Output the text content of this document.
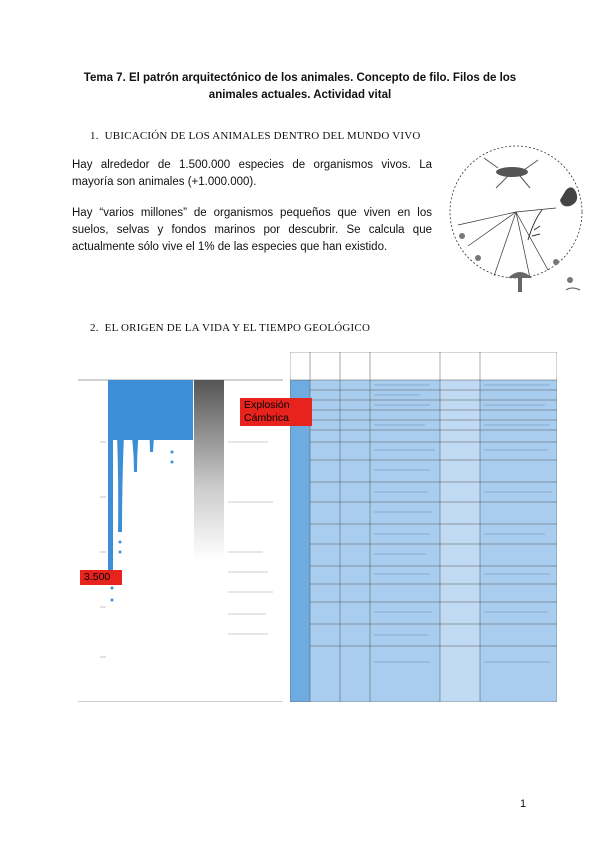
Tema 7. El patrón arquitectónico de los animales. Concepto de filo. Filos de los
animales actuales. Actividad vital
1. UBICACIÓN DE LOS ANIMALES DENTRO DEL MUNDO VIVO
Hay alrededor de 1.500.000 especies de organismos vivos. La mayoría son animales (+1.000.000).
Hay “varios millones” de organismos pequeños que viven en los suelos, selvas y fondos marinos por descubrir. Se calcula que actualmente sólo vive el 1% de las especies que han existido.
2. EL ORIGEN DE LA VIDA Y EL TIEMPO GEOLÓGICO
Explosión Cámbrica
3.500
1
